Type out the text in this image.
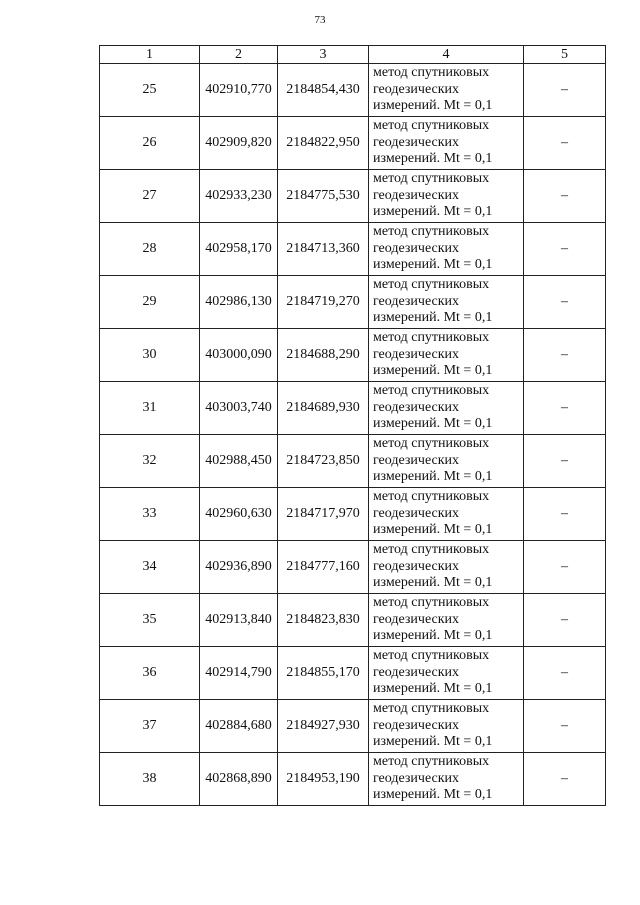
73
1	2	3	4	5
25	402910,770	2184854,430	метод спутниковых
геодезических
измерений. Mt = 0,1	–
26	402909,820	2184822,950	метод спутниковых
геодезических
измерений. Mt = 0,1	–
27	402933,230	2184775,530	метод спутниковых
геодезических
измерений. Mt = 0,1	–
28	402958,170	2184713,360	метод спутниковых
геодезических
измерений. Mt = 0,1	–
29	402986,130	2184719,270	метод спутниковых
геодезических
измерений. Mt = 0,1	–
30	403000,090	2184688,290	метод спутниковых
геодезических
измерений. Mt = 0,1	–
31	403003,740	2184689,930	метод спутниковых
геодезических
измерений. Mt = 0,1	–
32	402988,450	2184723,850	метод спутниковых
геодезических
измерений. Mt = 0,1	–
33	402960,630	2184717,970	метод спутниковых
геодезических
измерений. Mt = 0,1	–
34	402936,890	2184777,160	метод спутниковых
геодезических
измерений. Mt = 0,1	–
35	402913,840	2184823,830	метод спутниковых
геодезических
измерений. Mt = 0,1	–
36	402914,790	2184855,170	метод спутниковых
геодезических
измерений. Mt = 0,1	–
37	402884,680	2184927,930	метод спутниковых
геодезических
измерений. Mt = 0,1	–
38	402868,890	2184953,190	метод спутниковых
геодезических
измерений. Mt = 0,1	–
